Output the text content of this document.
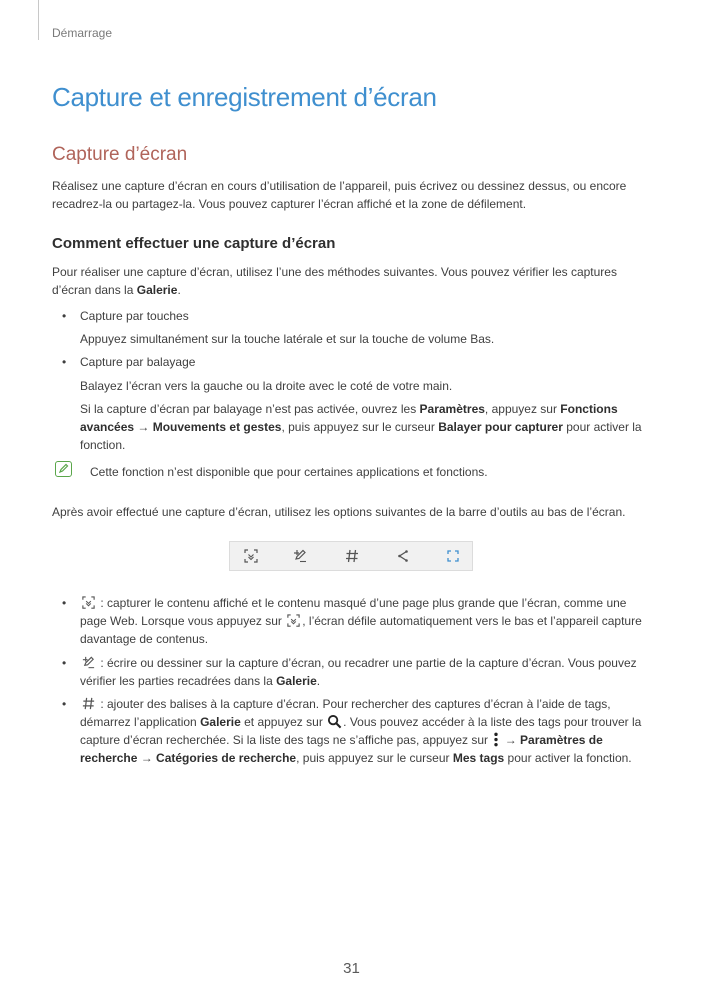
Démarrage
Capture et enregistrement d’écran
Capture d’écran

Réalisez une capture d’écran en cours d’utilisation de l’appareil, puis écrivez ou dessinez dessus, ou encore recadrez-la ou partagez-la. Vous pouvez capturer l’écran affiché et la zone de défilement.

Comment effectuer une capture d’écran

Pour réaliser une capture d’écran, utilisez l’une des méthodes suivantes. Vous pouvez vérifier les captures d’écran dans la Galerie.

• Capture par touches

Appuyez simultanément sur la touche latérale et sur la touche de volume Bas.

• Capture par balayage

Balayez l’écran vers la gauche ou la droite avec le coté de votre main.

Si la capture d’écran par balayage n’est pas activée, ouvrez les Paramètres, appuyez sur Fonctions avancées → Mouvements et gestes, puis appuyez sur le curseur Balayer pour capturer pour activer la fonction.

Cette fonction n’est disponible que pour certaines applications et fonctions.

Après avoir effectué une capture d’écran, utilisez les options suivantes de la barre d’outils au bas de l’écran.

•	: capturer le contenu affiché et le contenu masqué d’une page plus grande que l’écran, comme une page Web. Lorsque vous appuyez sur , l’écran défile automatiquement vers le bas et l’appareil capture davantage de contenus.

•	: écrire ou dessiner sur la capture d’écran, ou recadrer une partie de la capture d’écran. Vous pouvez vérifier les parties recadrées dans la Galerie.

•	: ajouter des balises à la capture d’écran. Pour rechercher des captures d’écran à l’aide de tags, démarrez l’application Galerie et appuyez sur . Vous pouvez accéder à la liste des tags pour trouver la capture d’écran recherchée. Si la liste des tags ne s’affiche pas, appuyez sur  → Paramètres de recherche → Catégories de recherche, puis appuyez sur le curseur Mes tags pour activer la fonction.

31
